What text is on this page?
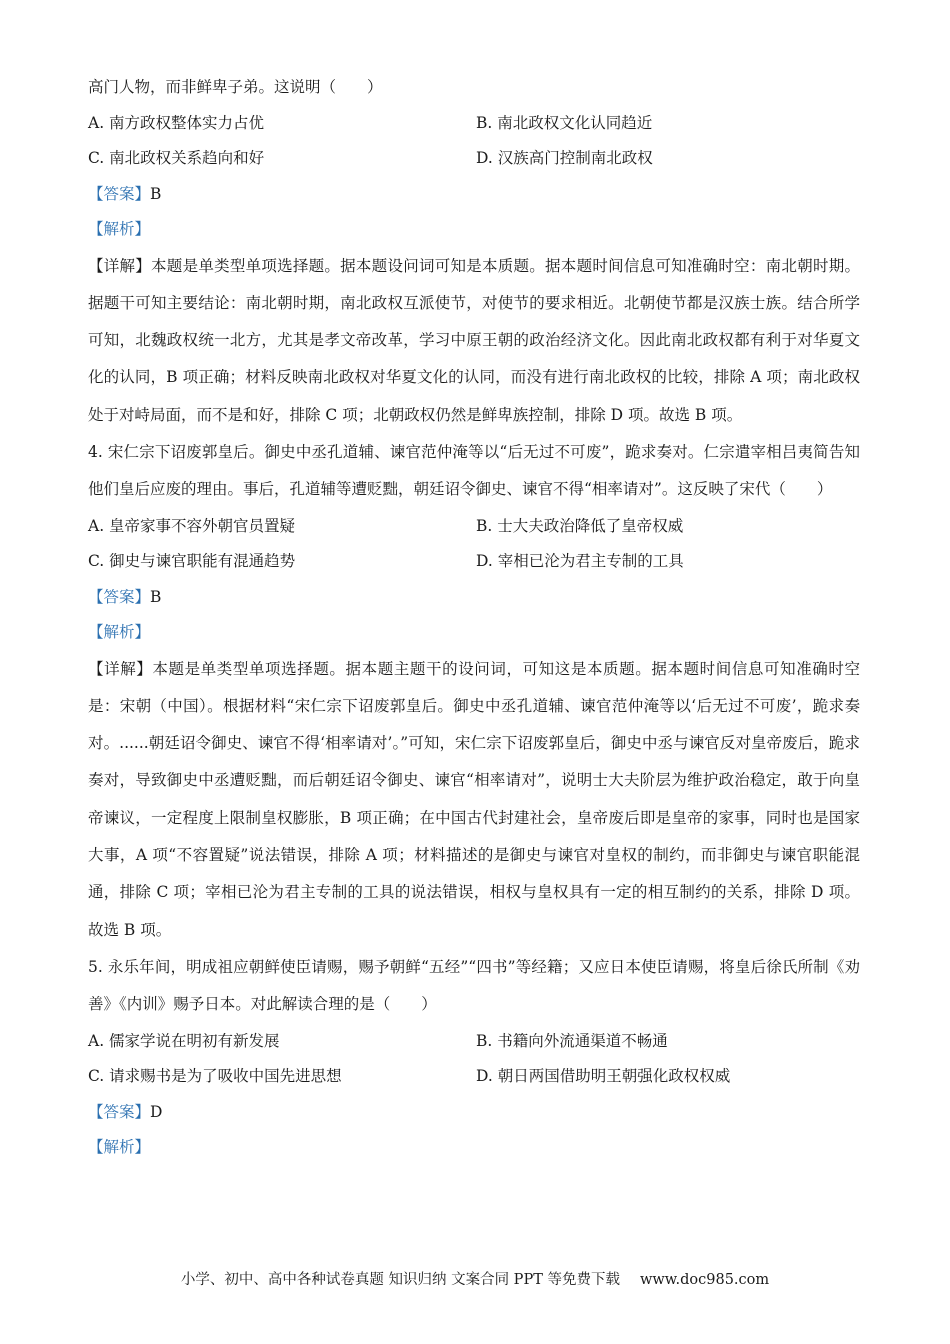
高门人物，而非鲜卑子弟。这说明（　　）
A. 南方政权整体实力占优	B. 南北政权文化认同趋近
C. 南北政权关系趋向和好	D. 汉族高门控制南北政权
【答案】B
【解析】
【详解】本题是单类型单项选择题。据本题设问词可知是本质题。据本题时间信息可知准确时空：南北朝时期。据题干可知主要结论：南北朝时期，南北政权互派使节，对使节的要求相近。北朝使节都是汉族士族。结合所学可知，北魏政权统一北方，尤其是孝文帝改革，学习中原王朝的政治经济文化。因此南北政权都有利于对华夏文化的认同，B 项正确；材料反映南北政权对华夏文化的认同，而没有进行南北政权的比较，排除 A 项；南北政权处于对峙局面，而不是和好，排除 C 项；北朝政权仍然是鲜卑族控制，排除 D 项。故选 B 项。
4. 宋仁宗下诏废郭皇后。御史中丞孔道辅、谏官范仲淹等以“后无过不可废”，跪求奏对。仁宗遣宰相吕夷简告知他们皇后应废的理由。事后，孔道辅等遭贬黜，朝廷诏令御史、谏官不得“相率请对”。这反映了宋代（　　）
A. 皇帝家事不容外朝官员置疑	B. 士大夫政治降低了皇帝权威
C. 御史与谏官职能有混通趋势	D. 宰相已沦为君主专制的工具
【答案】B
【解析】
【详解】本题是单类型单项选择题。据本题主题干的设问词，可知这是本质题。据本题时间信息可知准确时空是：宋朝（中国）。根据材料“宋仁宗下诏废郭皇后。御史中丞孔道辅、谏官范仲淹等以‘后无过不可废’，跪求奏对。......朝廷诏令御史、谏官不得‘相率请对’。”可知，宋仁宗下诏废郭皇后，御史中丞与谏官反对皇帝废后，跪求奏对，导致御史中丞遭贬黜，而后朝廷诏令御史、谏官“相率请对”，说明士大夫阶层为维护政治稳定，敢于向皇帝谏议，一定程度上限制皇权膨胀，B 项正确；在中国古代封建社会，皇帝废后即是皇帝的家事，同时也是国家大事，A 项“不容置疑”说法错误，排除 A 项；材料描述的是御史与谏官对皇权的制约，而非御史与谏官职能混通，排除 C 项；宰相已沦为君主专制的工具的说法错误，相权与皇权具有一定的相互制约的关系，排除 D 项。故选 B 项。
5. 永乐年间，明成祖应朝鲜使臣请赐，赐予朝鲜“五经”“四书”等经籍；又应日本使臣请赐，将皇后徐氏所制《劝善》《内训》赐予日本。对此解读合理的是（　　）
A. 儒家学说在明初有新发展	B. 书籍向外流通渠道不畅通
C. 请求赐书是为了吸收中国先进思想	D. 朝日两国借助明王朝强化政权权威
【答案】D
【解析】
小学、初中、高中各种试卷真题 知识归纳 文案合同 PPT 等免费下载 www.doc985.com
